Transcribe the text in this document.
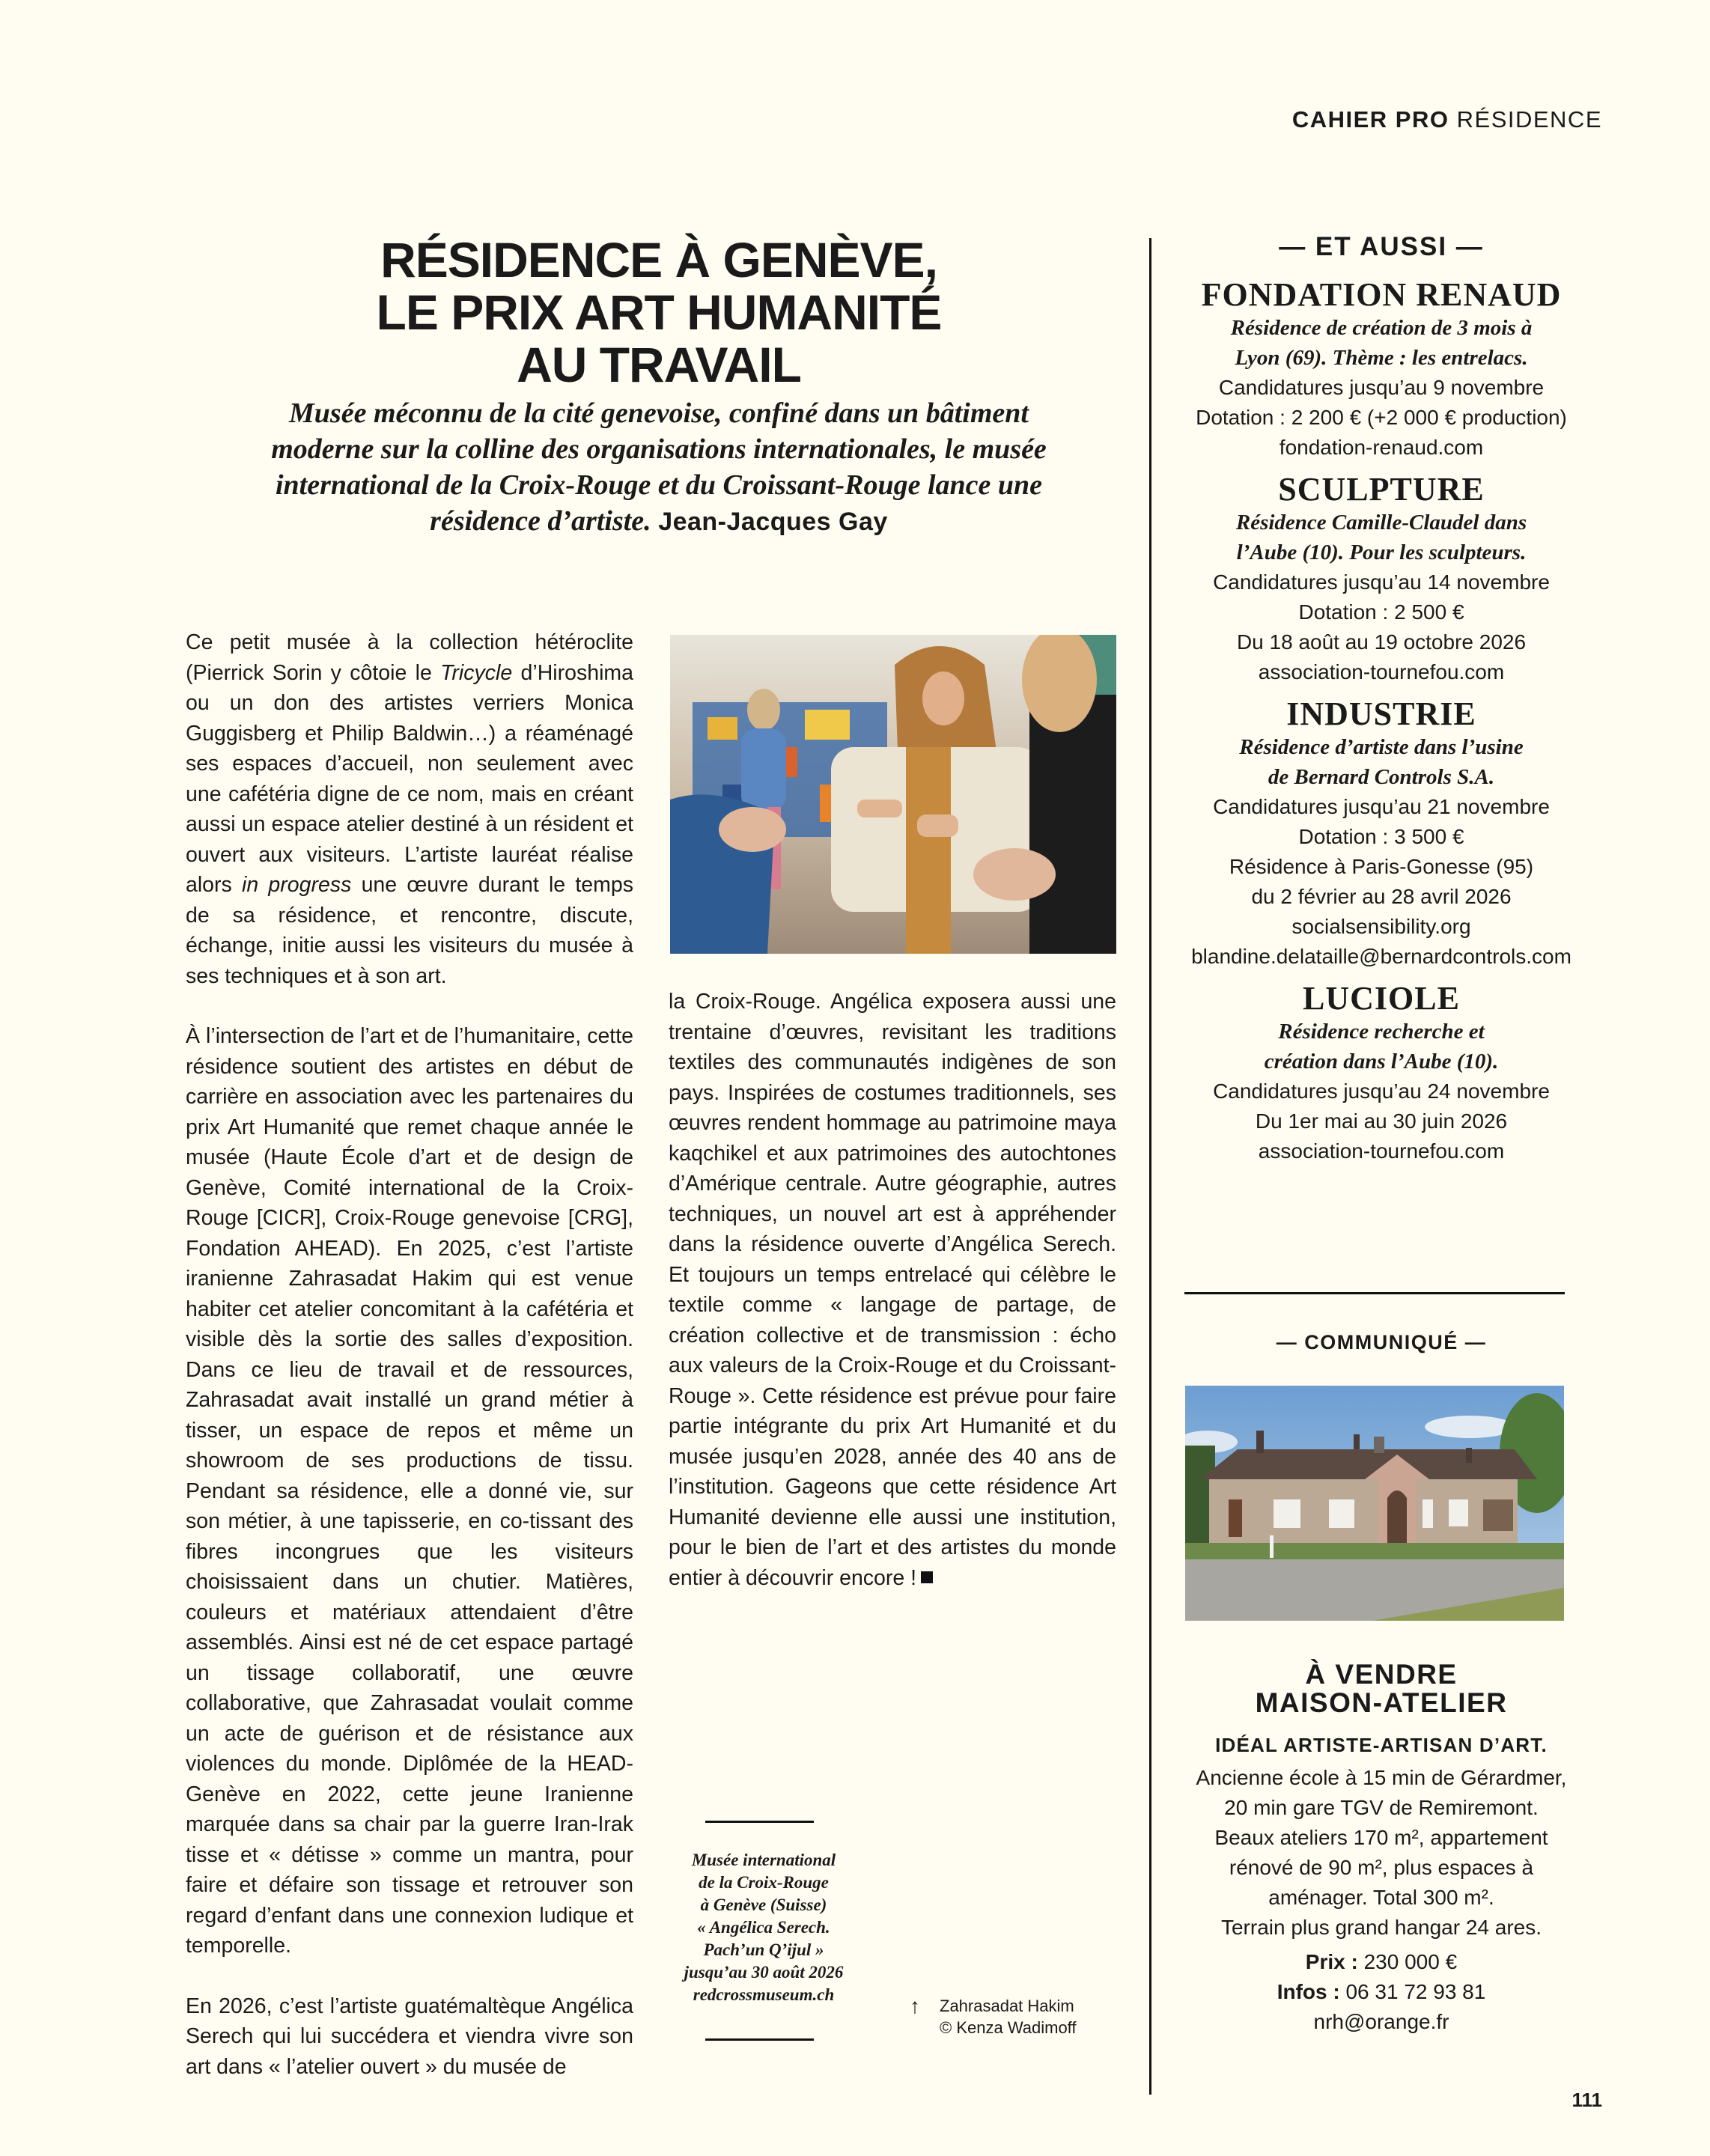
CAHIER PRO RÉSIDENCE
RÉSIDENCE À GENÈVE,
LE PRIX ART HUMANITÉ
AU TRAVAIL
Musée méconnu de la cité genevoise, confiné dans un bâtiment moderne sur la colline des organisations internationales, le musée international de la Croix-Rouge et du Croissant-Rouge lance une résidence d’artiste. Jean-Jacques Gay

Ce petit musée à la collection hétéroclite (Pierrick Sorin y côtoie le Tricycle d’Hiroshima ou un don des artistes verriers Monica Guggisberg et Philip Baldwin…) a réaménagé ses espaces d’accueil, non seulement avec une cafétéria digne de ce nom, mais en créant aussi un espace atelier destiné à un résident et ouvert aux visiteurs. L’artiste lauréat réalise alors in progress une œuvre durant le temps de sa résidence, et rencontre, discute, échange, initie aussi les visiteurs du musée à ses techniques et à son art.

À l’intersection de l’art et de l’humanitaire, cette résidence soutient des artistes en début de carrière en association avec les partenaires du prix Art Humanité que remet chaque année le musée (Haute École d’art et de design de Genève, Comité international de la Croix-Rouge [CICR], Croix-Rouge genevoise [CRG], Fondation AHEAD). En 2025, c’est l’artiste iranienne Zahrasadat Hakim qui est venue habiter cet atelier concomitant à la cafétéria et visible dès la sortie des salles d’exposition. Dans ce lieu de travail et de ressources, Zahrasadat avait installé un grand métier à tisser, un espace de repos et même un showroom de ses productions de tissu. Pendant sa résidence, elle a donné vie, sur son métier, à une tapisserie, en co-tissant des fibres incongrues que les visiteurs choisissaient dans un chutier. Matières, couleurs et matériaux attendaient d’être assemblés. Ainsi est né de cet espace partagé un tissage collaboratif, une œuvre collaborative, que Zahrasadat voulait comme un acte de guérison et de résistance aux violences du monde. Diplômée de la HEAD-Genève en 2022, cette jeune Iranienne marquée dans sa chair par la guerre Iran-Irak tisse et « détisse » comme un mantra, pour faire et défaire son tissage et retrouver son regard d’enfant dans une connexion ludique et temporelle.

En 2026, c’est l’artiste guatémaltèque Angélica Serech qui lui succédera et viendra vivre son art dans « l’atelier ouvert » du musée de

la Croix-Rouge. Angélica exposera aussi une trentaine d’œuvres, revisitant les traditions textiles des communautés indigènes de son pays. Inspirées de costumes traditionnels, ses œuvres rendent hommage au patrimoine maya kaqchikel et aux patrimoines des autochtones d’Amérique centrale. Autre géographie, autres techniques, un nouvel art est à appréhender dans la résidence ouverte d’Angélica Serech. Et toujours un temps entrelacé qui célèbre le textile comme « langage de partage, de création collective et de transmission : écho aux valeurs de la Croix-Rouge et du Croissant-Rouge ». Cette résidence est prévue pour faire partie intégrante du prix Art Humanité et du musée jusqu’en 2028, année des 40 ans de l’institution. Gageons que cette résidence Art Humanité devienne elle aussi une institution, pour le bien de l’art et des artistes du monde entier à découvrir encore !

Musée international
de la Croix-Rouge
à Genève (Suisse)
« Angélica Serech.
Pach’un Q’ijul »
jusqu’au 30 août 2026
redcrossmuseum.ch	↑ Zahrasadat Hakim
© Kenza Wadimoff
— ET AUSSI —
FONDATION RENAUD
Résidence de création de 3 mois à
Lyon (69). Thème : les entrelacs.
Candidatures jusqu’au 9 novembre
Dotation : 2 200 € (+2 000 € production)
fondation-renaud.com
SCULPTURE
Résidence Camille-Claudel dans
l’Aube (10). Pour les sculpteurs.
Candidatures jusqu’au 14 novembre
Dotation : 2 500 €
Du 18 août au 19 octobre 2026
association-tournefou.com
INDUSTRIE
Résidence d’artiste dans l’usine
de Bernard Controls S.A.
Candidatures jusqu’au 21 novembre
Dotation : 3 500 €
Résidence à Paris-Gonesse (95)
du 2 février au 28 avril 2026
socialsensibility.org
blandine.delataille@bernardcontrols.com
LUCIOLE
Résidence recherche et
création dans l’Aube (10).
Candidatures jusqu’au 24 novembre
Du 1er mai au 30 juin 2026
association-tournefou.com
— COMMUNIQUÉ —
À VENDRE
MAISON-ATELIER
IDÉAL ARTISTE-ARTISAN D’ART.
Ancienne école à 15 min de Gérardmer,
20 min gare TGV de Remiremont.
Beaux ateliers 170 m², appartement
rénové de 90 m², plus espaces à
aménager. Total 300 m².
Terrain plus grand hangar 24 ares.
Prix : 230 000 €
Infos : 06 31 72 93 81
nrh@orange.fr
111
